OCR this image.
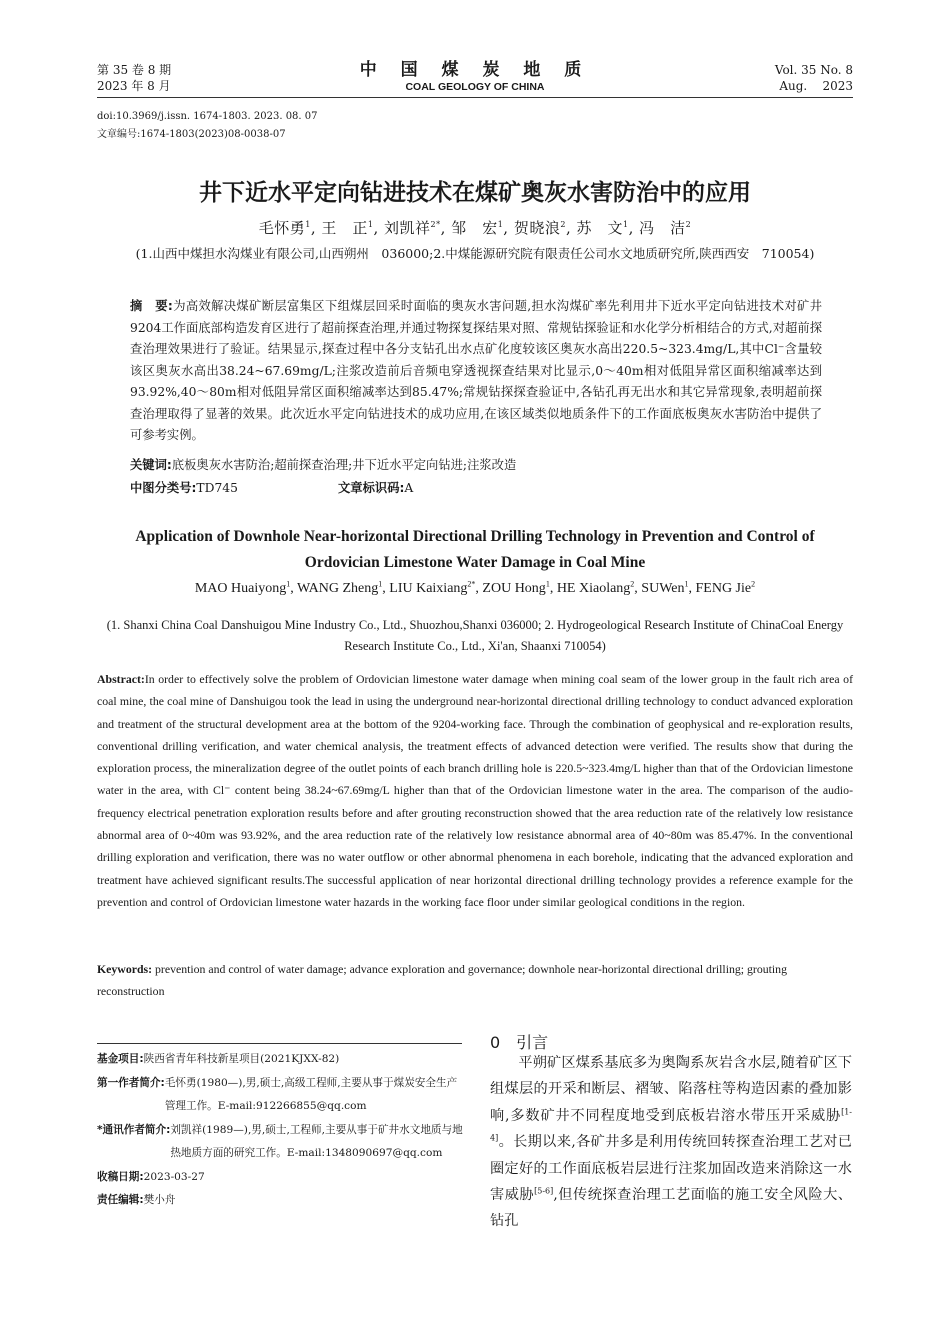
第 35 卷 8 期
2023 年 8 月
中 国 煤 炭 地 质
COAL GEOLOGY OF CHINA
Vol. 35 No. 8
Aug.    2023
doi:10.3969/j.issn. 1674-1803. 2023. 08. 07
文章编号:1674-1803(2023)08-0038-07
井下近水平定向钻进技术在煤矿奥灰水害防治中的应用
毛怀勇$^1$, 王　正$^1$, 刘凯祥$^{2*}$, 邹　宏$^1$, 贺晓浪$^2$, 苏　文$^1$, 冯　洁$^2$
(1.山西中煤担水沟煤业有限公司,山西朔州　036000;2.中煤能源研究院有限责任公司水文地质研究所,陕西西安　710054)
摘　要:为高效解决煤矿断层富集区下组煤层回采时面临的奥灰水害问题,担水沟煤矿率先利用井下近水平定向钻进技术对矿井9204工作面底部构造发育区进行了超前探查治理,并通过物探复探结果对照、常规钻探验证和水化学分析相结合的方式,对超前探查治理效果进行了验证。结果显示,探查过程中各分支钻孔出水点矿化度较该区奥灰水高出220.5~323.4mg/L,其中Cl⁻含量较该区奥灰水高出38.24~67.69mg/L;注浆改造前后音频电穿透视探查结果对比显示,0～40m相对低阻异常区面积缩减率达到93.92%,40～80m相对低阻异常区面积缩减率达到85.47%;常规钻探探查验证中,各钻孔再无出水和其它异常现象,表明超前探查治理取得了显著的效果。此次近水平定向钻进技术的成功应用,在该区域类似地质条件下的工作面底板奥灰水害防治中提供了可参考实例。
关键词:底板奥灰水害防治;超前探查治理;井下近水平定向钻进;注浆改造
中图分类号:TD745	文章标识码:A
Application of Downhole Near-horizontal Directional Drilling Technology in Prevention and Control of Ordovician Limestone Water Damage in Coal Mine
MAO Huaiyong$^1$, WANG Zheng$^1$, LIU Kaixiang$^{2*}$, ZOU Hong$^1$, HE Xiaolang$^2$, SUWen$^1$, FENG Jie$^2$
(1. Shanxi China Coal Danshuigou Mine Industry Co., Ltd., Shuozhou,Shanxi 036000; 2. Hydrogeological Research Institute of ChinaCoal Energy Research Institute Co., Ltd., Xi'an, Shaanxi 710054)
Abstract:In order to effectively solve the problem of Ordovician limestone water damage when mining coal seam of the lower group in the fault rich area of coal mine, the coal mine of Danshuigou took the lead in using the underground near-horizontal directional drilling technology to conduct advanced exploration and treatment of the structural development area at the bottom of the 9204-working face. Through the combination of geophysical and re-exploration results, conventional drilling verification, and water chemical analysis, the treatment effects of advanced detection were verified. The results show that during the exploration process, the mineralization degree of the outlet points of each branch drilling hole is 220.5~323.4mg/L higher than that of the Ordovician limestone water in the area, with Cl⁻ content being 38.24~67.69mg/L higher than that of the Ordovician limestone water in the area. The comparison of the audio-frequency electrical penetration exploration results before and after grouting reconstruction showed that the area reduction rate of the relatively low resistance abnormal area of 0~40m was 93.92%, and the area reduction rate of the relatively low resistance abnormal area of 40~80m was 85.47%. In the conventional drilling exploration and verification, there was no water outflow or other abnormal phenomena in each borehole, indicating that the advanced exploration and treatment have achieved significant results.The successful application of near horizontal directional drilling technology provides a reference example for the prevention and control of Ordovician limestone water hazards in the working face floor under similar geological conditions in the region.
Keywords: prevention and control of water damage; advance exploration and governance; downhole near-horizontal directional drilling; grouting reconstruction
基金项目: 陕西省青年科技新星项目(2021KJXX-82)
第一作者简介: 毛怀勇(1980—),男,硕士,高级工程师,主要从事于煤炭安全生产管理工作。E-mail:912266855@qq.com
*通讯作者简介: 刘凯祥(1989—),男,硕士,工程师,主要从事于矿井水文地质与地热地质方面的研究工作。E-mail:1348090697@qq.com
收稿日期: 2023-03-27
责任编辑: 樊小舟
0　引言
平朔矿区煤系基底多为奥陶系灰岩含水层,随着矿区下组煤层的开采和断层、褶皱、陷落柱等构造因素的叠加影响,多数矿井不同程度地受到底板岩溶水带压开采威胁[1-4]。长期以来,各矿井多是利用传统回转探查治理工艺对已圈定好的工作面底板岩层进行注浆加固改造来消除这一水害威胁[5-6],但传统探查治理工艺面临的施工安全风险大、钻孔
